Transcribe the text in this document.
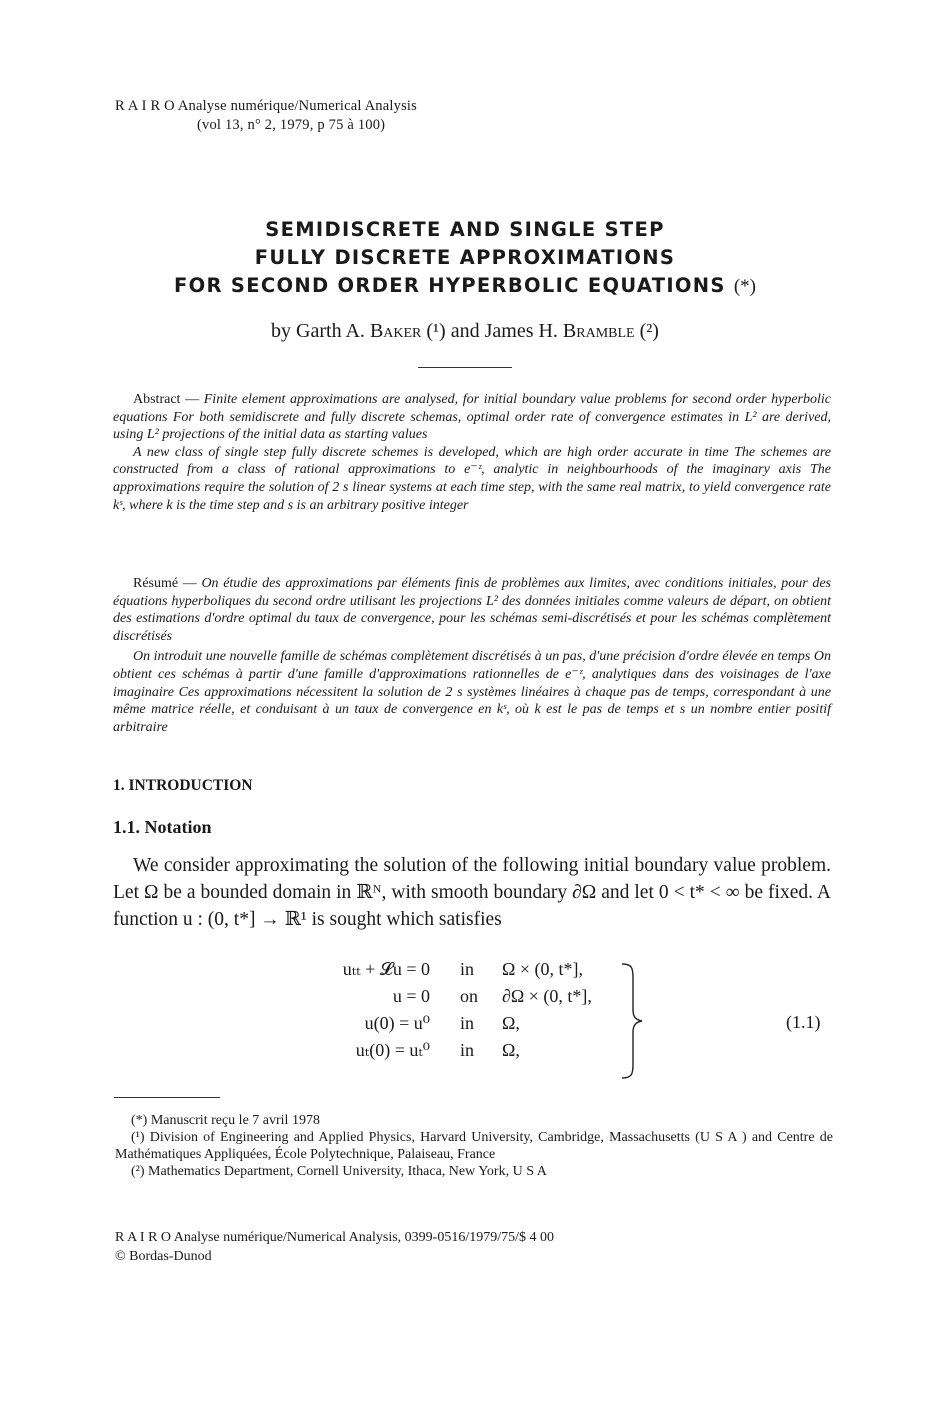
R A I R O Analyse numérique/Numerical Analysis
(vol 13, n° 2, 1979, p 75 à 100)
SEMIDISCRETE AND SINGLE STEP
FULLY DISCRETE APPROXIMATIONS
FOR SECOND ORDER HYPERBOLIC EQUATIONS (*)
by Garth A. Baker (¹) and James H. Bramble (²)

Abstract — Finite element approximations are analysed, for initial boundary value problems for second order hyperbolic equations For both semidiscrete and fully discrete schemas, optimal order rate of convergence estimates in L² are derived, using L² projections of the initial data as starting values

A new class of single step fully discrete schemes is developed, which are high order accurate in time The schemes are constructed from a class of rational approximations to e⁻ᶻ, analytic in neighbourhoods of the imaginary axis The approximations require the solution of 2 s linear systems at each time step, with the same real matrix, to yield convergence rate kˢ, where k is the time step and s is an arbitrary positive integer

Résumé — On étudie des approximations par éléments finis de problèmes aux limites, avec conditions initiales, pour des équations hyperboliques du second ordre utilisant les projections L² des données initiales comme valeurs de départ, on obtient des estimations d'ordre optimal du taux de convergence, pour les schémas semi-discrétisés et pour les schémas complètement discrétisés

On introduit une nouvelle famille de schémas complètement discrétisés à un pas, d'une précision d'ordre élevée en temps On obtient ces schémas à partir d'une famille d'approximations rationnelles de e⁻ᶻ, analytiques dans des voisinages de l'axe imaginaire Ces approximations nécessitent la solution de 2 s systèmes linéaires à chaque pas de temps, correspondant à une même matrice réelle, et conduisant à un taux de convergence en kˢ, où k est le pas de temps et s un nombre entier positif arbitraire

1. INTRODUCTION
1.1. Notation
We consider approximating the solution of the following initial boundary value problem. Let Ω be a bounded domain in ℝᴺ, with smooth boundary ∂Ω and let 0 < t* < ∞ be fixed. A function u : (0, t*] → ℝ¹ is sought which satisfies
uₜₜ + 𝓛u = 0
u = 0
u(0) = u⁰
uₜ(0) = uₜ⁰
in Ω × (0, t*],
on ∂Ω × (0, t*],
in Ω,
in Ω,
(1.1)

(*) Manuscrit reçu le 7 avril 1978

(¹) Division of Engineering and Applied Physics, Harvard University, Cambridge, Massachusetts (U S A ) and Centre de Mathématiques Appliquées, École Polytechnique, Palaiseau, France

(²) Mathematics Department, Cornell University, Ithaca, New York, U S A

R A I R O Analyse numérique/Numerical Analysis, 0399-0516/1979/75/$ 4 00
© Bordas-Dunod
